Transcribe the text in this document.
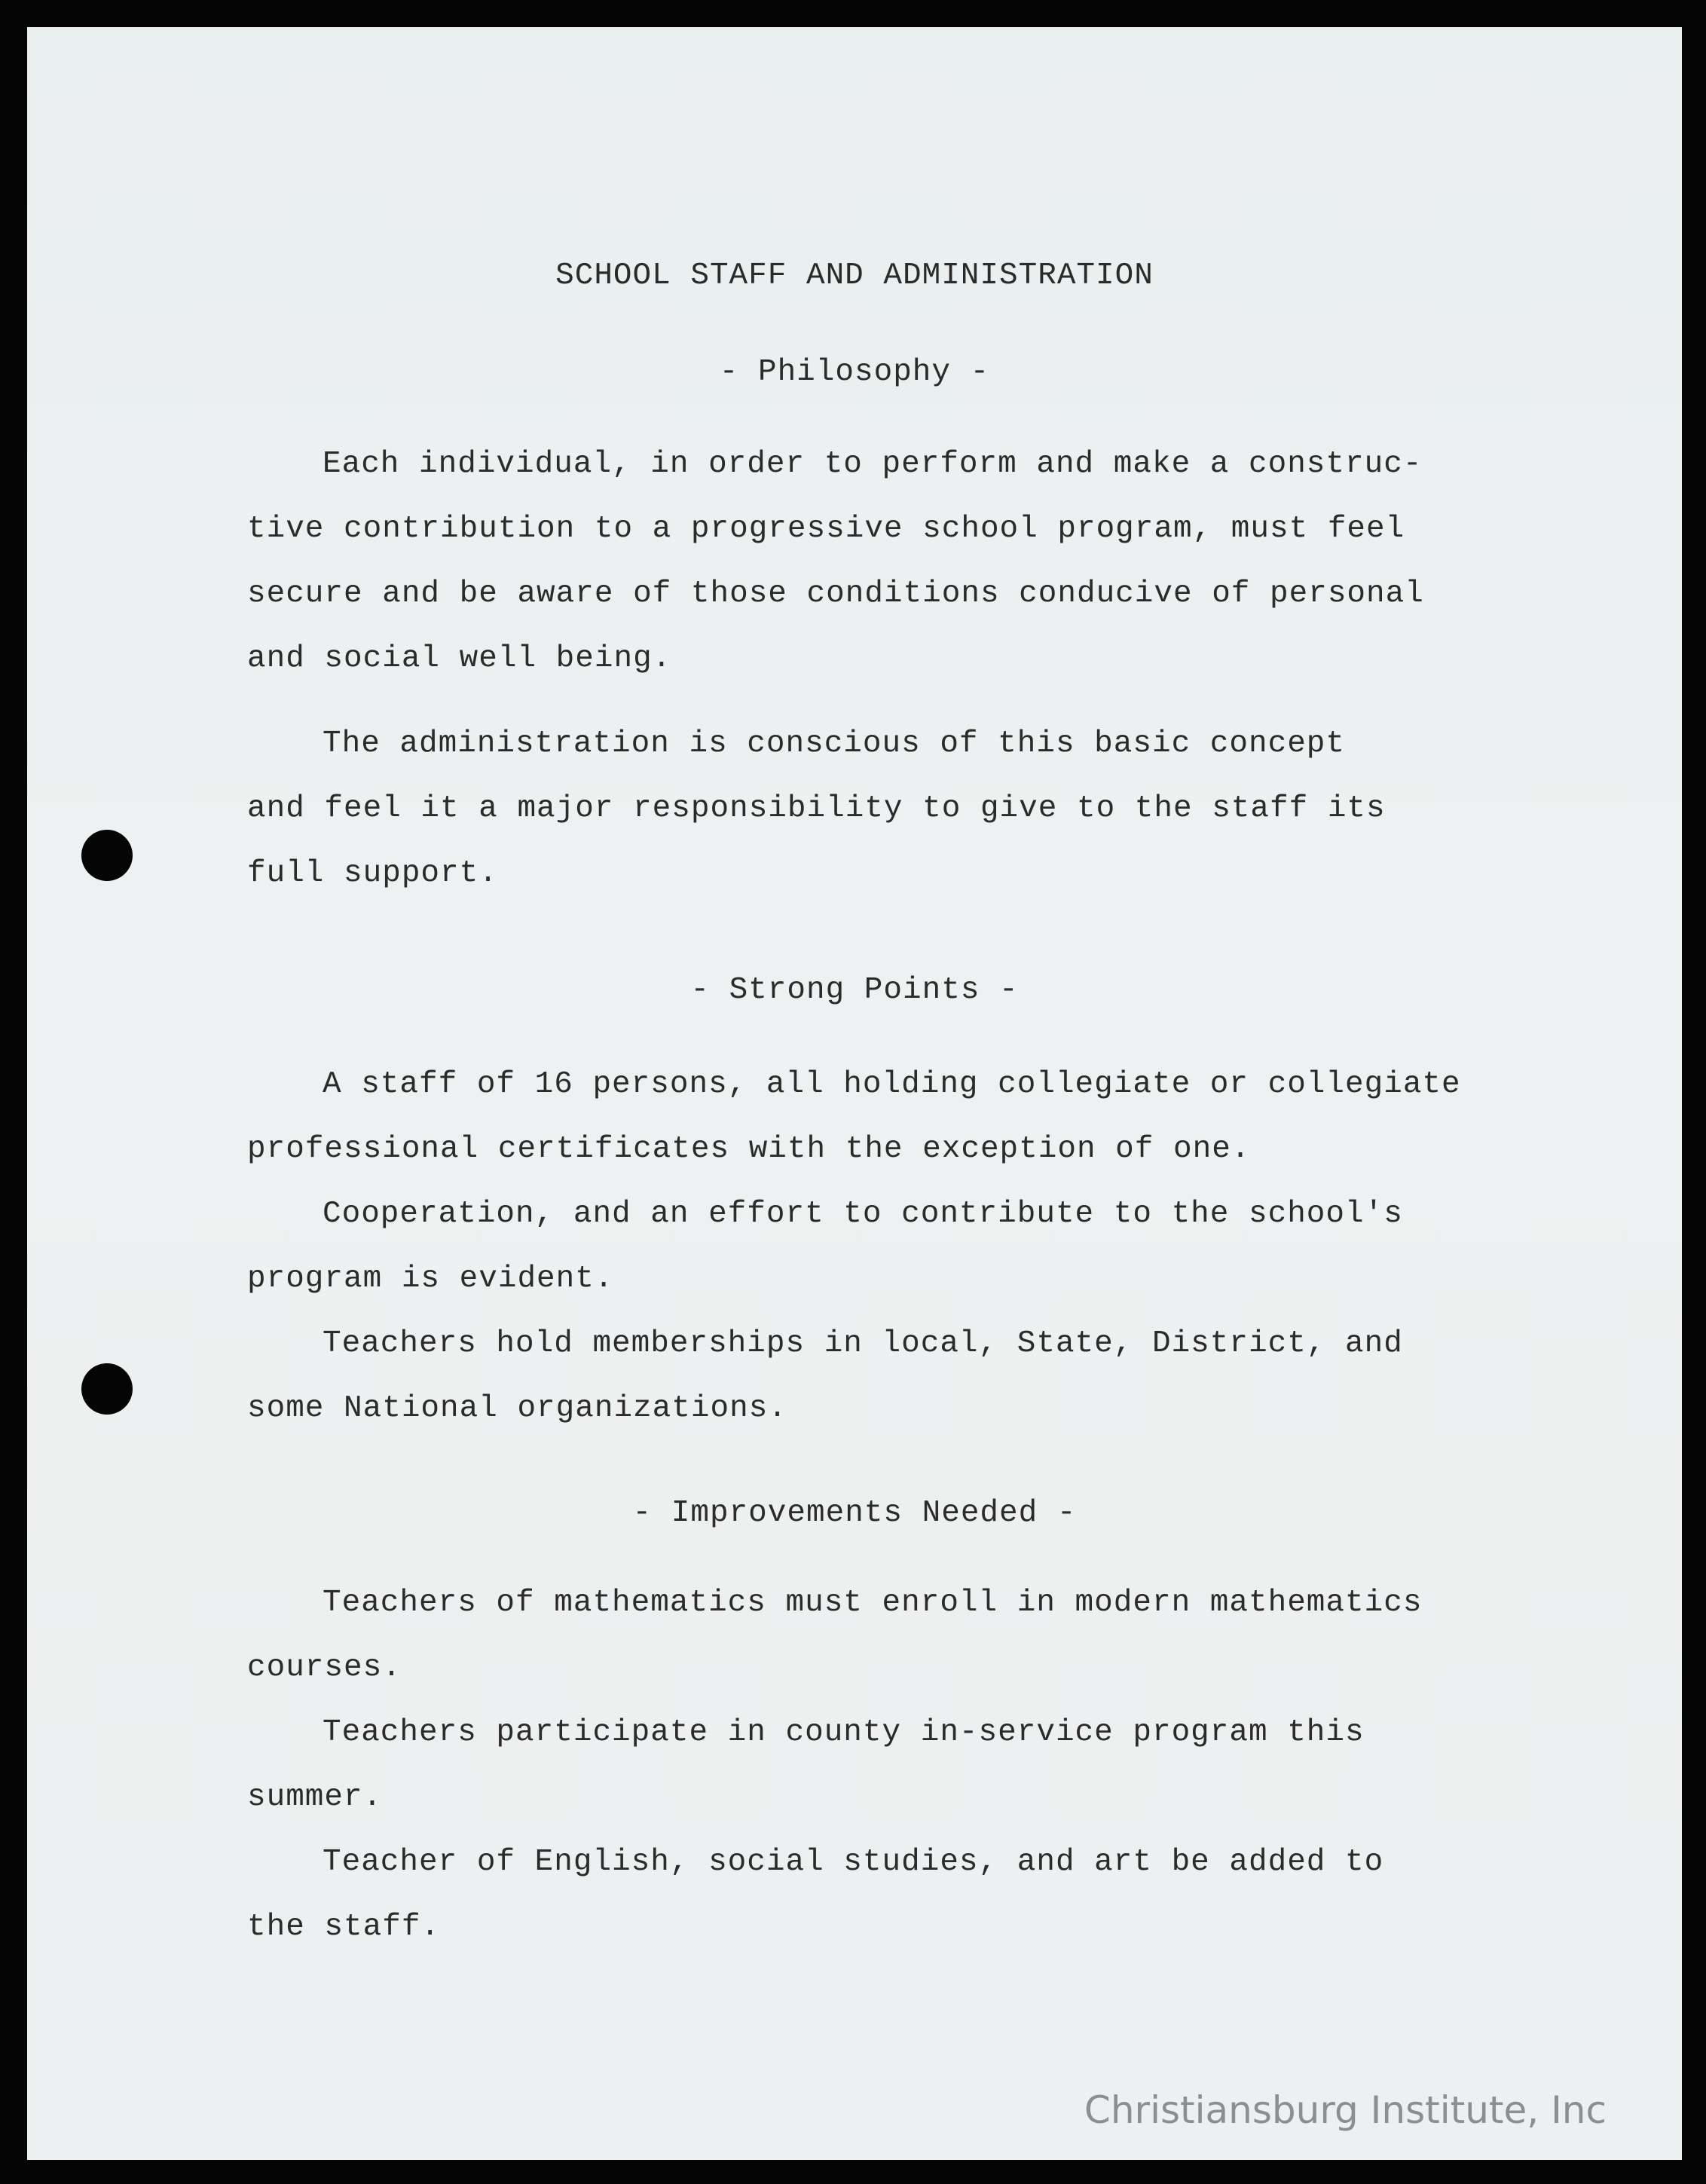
SCHOOL STAFF AND ADMINISTRATION
- Philosophy -

Each individual, in order to perform and make a construc-
tive contribution to a progressive school program, must feel
secure and be aware of those conditions conducive of personal
and social well being.

The administration is conscious of this basic concept
and feel it a major responsibility to give to the staff its
full support.

- Strong Points -

A staff of 16 persons, all holding collegiate or collegiate
professional certificates with the exception of one.

Cooperation, and an effort to contribute to the school's
program is evident.

Teachers hold memberships in local, State, District, and
some National organizations.

- Improvements Needed -

Teachers of mathematics must enroll in modern mathematics
courses.

Teachers participate in county in-service program this
summer.

Teacher of English, social studies, and art be added to
the staff.

Christiansburg Institute, Inc
